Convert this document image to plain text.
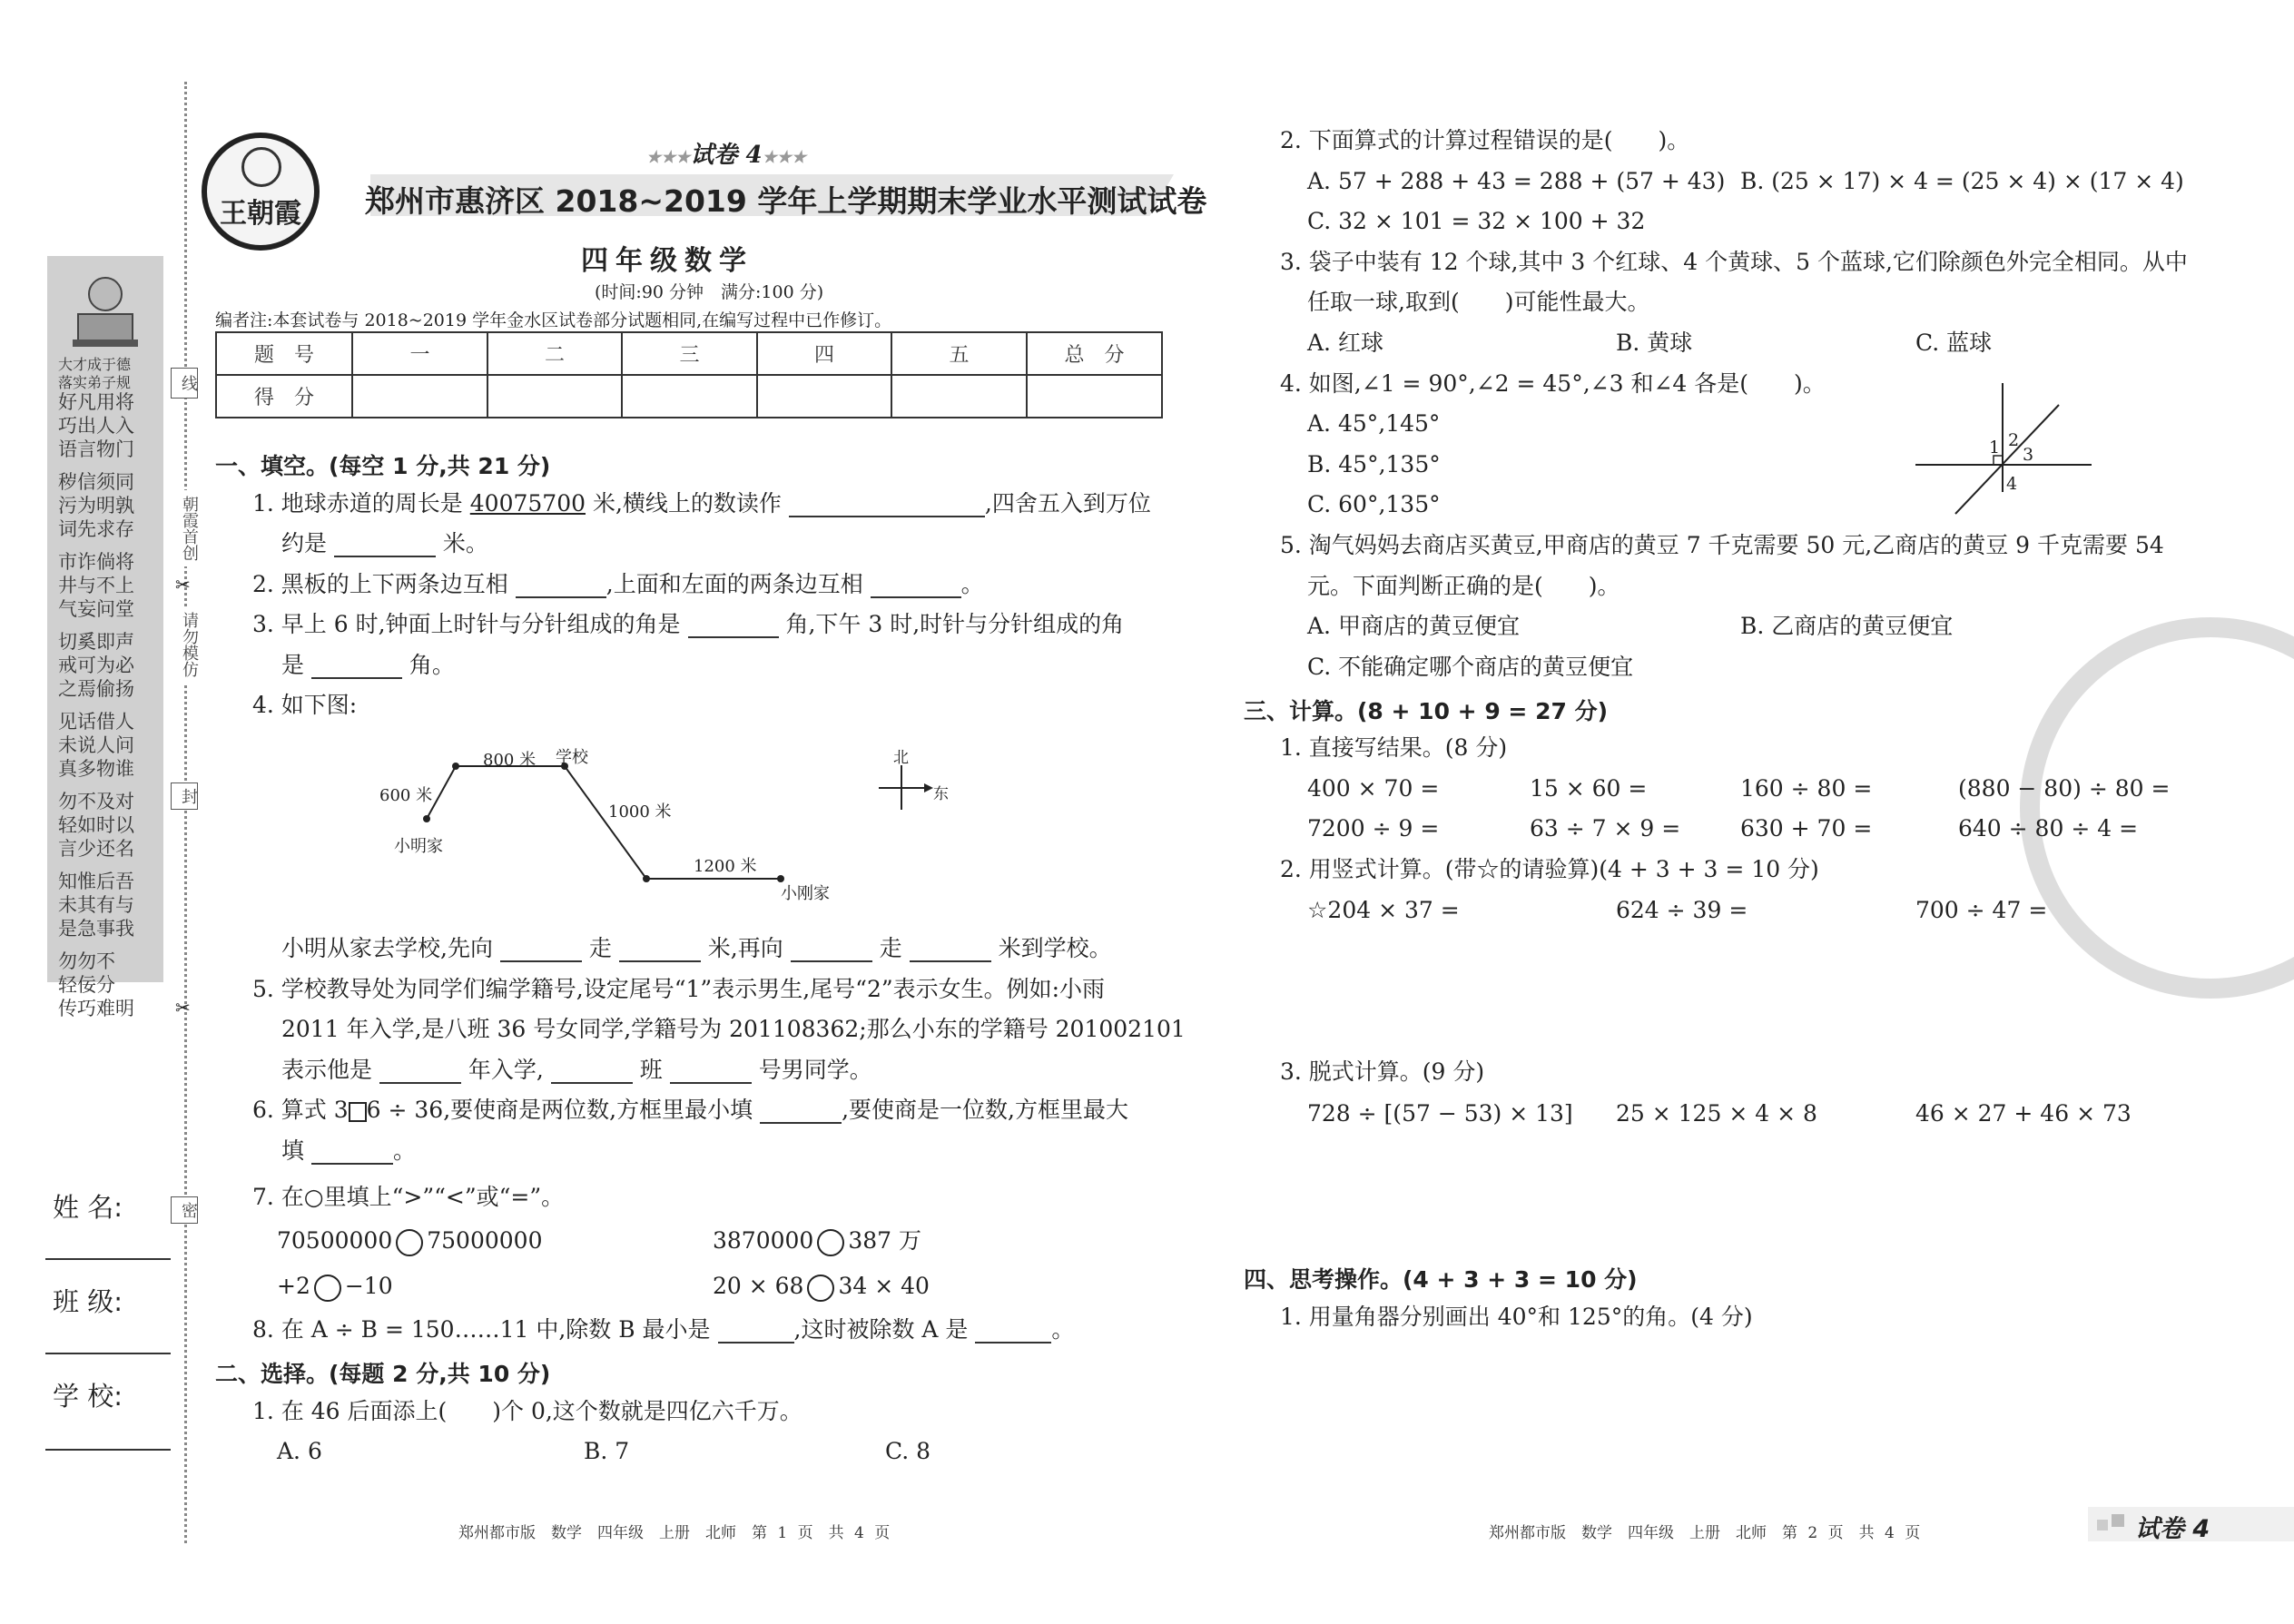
大才成于德
落实弟子规
好凡用将
巧出人入
语言物门
秽信须同
污为明孰
词先求存
市诈倘将
井与不上
气妄问堂
切奚即声
戒可为必
之焉偷扬
见话借人
未说人问
真多物谁
勿不及对
轻如时以
言少还名
知惟后吾
未其有与
是急事我
勿勿不
轻佞分
传巧难明
线
朝霞首创
请勿模仿
封
密
✂
✂
姓 名:
班 级:
学 校:
王朝霞
★★★试卷 4★★★
郑州市惠济区 2018~2019 学年上学期期末学业水平测试试卷
四年级数学
(时间:90 分钟　满分:100 分)
编者注:本套试卷与 2018~2019 学年金水区试卷部分试题相同,在编写过程中已作修订。
题　号	一	二	三	四	五	总　分
得　分						
一、填空。(每空 1 分,共 21 分)
1. 地球赤道的周长是 40075700 米,横线上的数读作	,四舍五入到万位
约是	米。
2. 黑板的上下两条边互相	,上面和左面的两条边互相	。
3. 早上 6 时,钟面上时针与分针组成的角是	角,下午 3 时,时针与分针组成的角
是	角。
4. 如下图:
600 米
800 米 学校
1000 米
1200 米
小明家
小刚家
北
东
小明从家去学校,先向	走	米,再向	走	米到学校。
5. 学校教导处为同学们编学籍号,设定尾号“1”表示男生,尾号“2”表示女生。例如:小雨
2011 年入学,是八班 36 号女同学,学籍号为 201108362;那么小东的学籍号 201002101
表示他是	年入学,	班	号男同学。
6. 算式 3 6 ÷ 36,要使商是两位数,方框里最小填	,要使商是一位数,方框里最大
填	。
7. 在○里填上“>”“<”或“=”。
70500000 75000000	3870000 387 万
+2 −10	20 × 68 34 × 40
8. 在 A ÷ B = 150……11 中,除数 B 最小是	,这时被除数 A 是	。
二、选择。(每题 2 分,共 10 分)
1. 在 46 后面添上(　　)个 0,这个数就是四亿六千万。
A. 6	B. 7	C. 8
郑州都市版　数学　四年级　上册　北师　第 1 页　共 4 页
2. 下面算式的计算过程错误的是(　　)。
A. 57 + 288 + 43 = 288 + (57 + 43) B. (25 × 17) × 4 = (25 × 4) × (17 × 4)
C. 32 × 101 = 32 × 100 + 32
3. 袋子中装有 12 个球,其中 3 个红球、4 个黄球、5 个蓝球,它们除颜色外完全相同。从中
任取一球,取到(　　)可能性最大。
A. 红球	B. 黄球	C. 蓝球
4. 如图,∠1 = 90°,∠2 = 45°,∠3 和∠4 各是(　　)。
A. 45°,145°
B. 45°,135°
C. 60°,135°
1 2
3
4
5. 淘气妈妈去商店买黄豆,甲商店的黄豆 7 千克需要 50 元,乙商店的黄豆 9 千克需要 54
元。下面判断正确的是(　　)。
A. 甲商店的黄豆便宜	B. 乙商店的黄豆便宜
C. 不能确定哪个商店的黄豆便宜
三、计算。(8 + 10 + 9 = 27 分)
1. 直接写结果。(8 分)
400 × 70 =	15 × 60 =	160 ÷ 80 =	(880 − 80) ÷ 80 =
7200 ÷ 9 =	63 ÷ 7 × 9 =	630 + 70 =	640 ÷ 80 ÷ 4 =
2. 用竖式计算。(带☆的请验算)(4 + 3 + 3 = 10 分)
☆204 × 37 =	624 ÷ 39 =	700 ÷ 47 =
3. 脱式计算。(9 分)
728 ÷ [(57 − 53) × 13] 25 × 125 × 4 × 8	46 × 27 + 46 × 73
四、思考操作。(4 + 3 + 3 = 10 分)
1. 用量角器分别画出 40°和 125°的角。(4 分)
郑州都市版　数学　四年级　上册　北师　第 2 页　共 4 页	试卷 4
